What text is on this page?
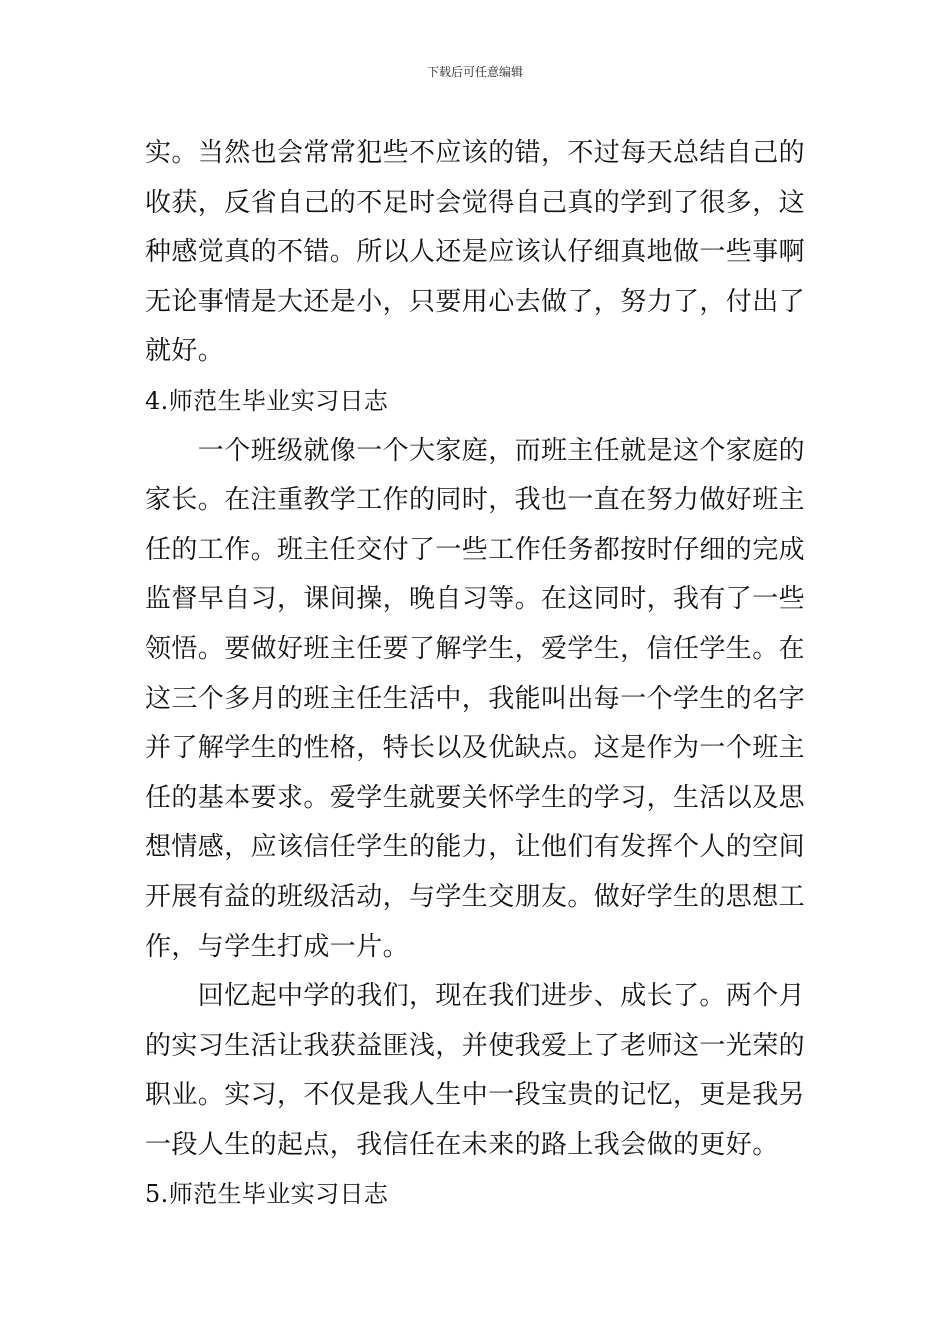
下载后可任意编辑
实。当然也会常常犯些不应该的错，不过每天总结自己的
收获，反省自己的不足时会觉得自己真的学到了很多，这
种感觉真的不错。所以人还是应该认仔细真地做一些事啊
无论事情是大还是小，只要用心去做了，努力了，付出了
就好。
4.师范生毕业实习日志
　　一个班级就像一个大家庭，而班主任就是这个家庭的
家长。在注重教学工作的同时，我也一直在努力做好班主
任的工作。班主任交付了一些工作任务都按时仔细的完成
监督早自习，课间操，晚自习等。在这同时，我有了一些
领悟。要做好班主任要了解学生，爱学生，信任学生。在
这三个多月的班主任生活中，我能叫出每一个学生的名字
并了解学生的性格，特长以及优缺点。这是作为一个班主
任的基本要求。爱学生就要关怀学生的学习，生活以及思
想情感，应该信任学生的能力，让他们有发挥个人的空间
开展有益的班级活动，与学生交朋友。做好学生的思想工
作，与学生打成一片。
　　回忆起中学的我们，现在我们进步、成长了。两个月
的实习生活让我获益匪浅，并使我爱上了老师这一光荣的
职业。实习，不仅是我人生中一段宝贵的记忆，更是我另
一段人生的起点，我信任在未来的路上我会做的更好。
5.师范生毕业实习日志
